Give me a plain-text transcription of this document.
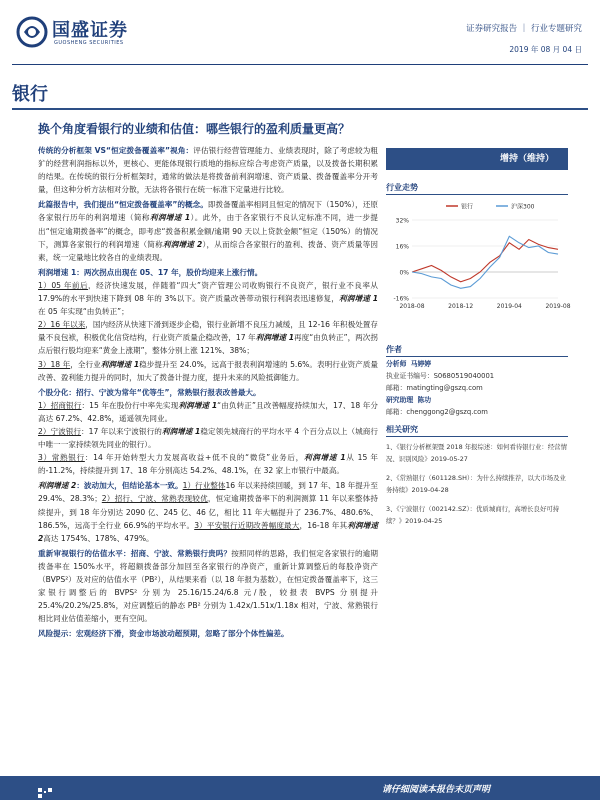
国盛证券
GUOSHENG SECURITIES
证券研究报告 ｜ 行业专题研究
2019 年 08 月 04 日
银行
换个角度看银行的业绩和估值：哪些银行的盈利质量更高？

传统的分析框架 VS“恒定拨备覆盖率”视角：评估银行经营管理能力、业绩表现时，除了考虑较为粗犷的经营利润指标以外，更核心、更能体现银行质地的指标应综合考虑资产质量，以及拨备长期积累的结果。在传统的银行分析框架时，通常的做法是将拨备前利润增速、资产质量、拨备覆盖率分开考量，但这种分析方法相对分散，无法将各银行在统一标准下定量进行比较。

此篇报告中，我们提出“恒定拨备覆盖率”的概念。即拨备覆盖率相同且恒定的情况下（150%），还原各家银行历年的利润增速（简称利润增速 1）。此外，由于各家银行不良认定标准不同，进一步提出“恒定逾期拨备率”的概念，即考虑“拨备积累金额/逾期 90 天以上贷款金额”恒定（150%）的情况下，测算各家银行的利润增速（简称利润增速 2），从而综合各家银行的盈利、拨备、资产质量等因素，统一定量地比较各自的业绩表现。

利润增速 1：两次拐点出现在 05、17 年，股价均迎来上涨行情。
1）05 年前后，经济快速发展，伴随着“四大”资产管理公司收购银行不良资产，银行业不良率从 17.9%的水平到快速下降到 08 年的 3%以下。资产质量改善带动银行利润表迅速修复，利润增速 1在 05 年实现“由负转正”；
2）16 年以来，国内经济从快速下滑到逐步企稳，银行业新增不良压力减缓，且 12-16 年积极处置存量不良包袱，积极优化信贷结构，行业资产质量企稳改善，17 年利润增速 1再度“由负转正”，两次拐点后银行股均迎来“黄金上涨期”，整体分别上涨 121%、38%；
3）18 年，全行业利润增速 1稳步提升至 24.0%，远高于报表利润增速的 5.6%。表明行业资产质量改善、盈利能力提升的同时，加大了拨备计提力度，提升未来的风险抵御能力。

个股分化：招行、宁波为常年“优等生”，常熟银行报表改善最大。
1）招商银行：15 年在股份行中率先实现利润增速 1“由负转正”且改善幅度持续加大，17、18 年分高达 67.2%、42.8%，遥遥领先同业。
2）宁波银行：17 年以来宁波银行的利润增速 1稳定领先城商行的平均水平 4 个百分点以上（城商行中唯一一家持续领先同业的银行）。
3）常熟银行：14 年开始转型大力发展高收益+低不良的“微贷”业务后，利润增速 1从 15 年的-11.2%，持续提升到 17、18 年分别高达 54.2%、48.1%，在 32 家上市银行中最高。

利润增速 2：波动加大，但结论基本一致。1）行业整体16 年以来持续回暖，到 17 年、18 年提升至 29.4%、28.3%；2）招行、宁波、常熟表现较优，恒定逾期拨备率下的利润测算 11 年以来整体持续提升，到 18 年分别达 2090 亿、245 亿、46 亿，相比 11 年大幅提升了 236.7%、480.6%、186.5%，远高于全行业 66.9%的平均水平。3）平安银行近期改善幅度最大，16-18 年其利润增速 2高达 1754%、178%、479%。

重新审视银行的估值水平：招商、宁波、常熟银行贵吗？按照同样的思路，我们恒定各家银行的逾期拨备率在 150%水平，将超额拨备部分加回至各家银行的净资产，重新计算调整后的每股净资产（BVPS²）及对应的估值水平（PB²），从结果来看（以 18 年报为基数），在恒定拨备覆盖率下，这三家银行调整后的 BVPS² 分别为 25.16/15.24/6.8 元/股，较报表 BVPS 分别提升 25.4%/20.2%/25.8%，对应调整后的静态 PB² 分别为 1.42x/1.51x/1.18x 相对，宁波、常熟银行相比同业估值差缩小，更有空间。

风险提示：宏观经济下滑，资金市场波动超预期，忽略了部分个体性偏差。

增持（维持）
行业走势
32%
16%
0%
-16%
2018-08	2018-12	2019-04	2019-08
银行	沪深300
作者
分析师 马婷婷
执业证书编号：S0680519040001
邮箱：matingting@gszq.com
研究助理 陈功
邮箱：chenggong2@gszq.com
相关研究
1、《银行分析框架暨 2018 年报综述：如何看待银行业：经营情况、识别风险》2019-05-27
2、《常熟银行（601128.SH）：为什么持续推荐，以大市场及业务持续》2019-04-28
3、《宁波银行（002142.SZ）：优质城商行，高增长良好可持续？》2019-04-25
请仔细阅读本报告末页声明
